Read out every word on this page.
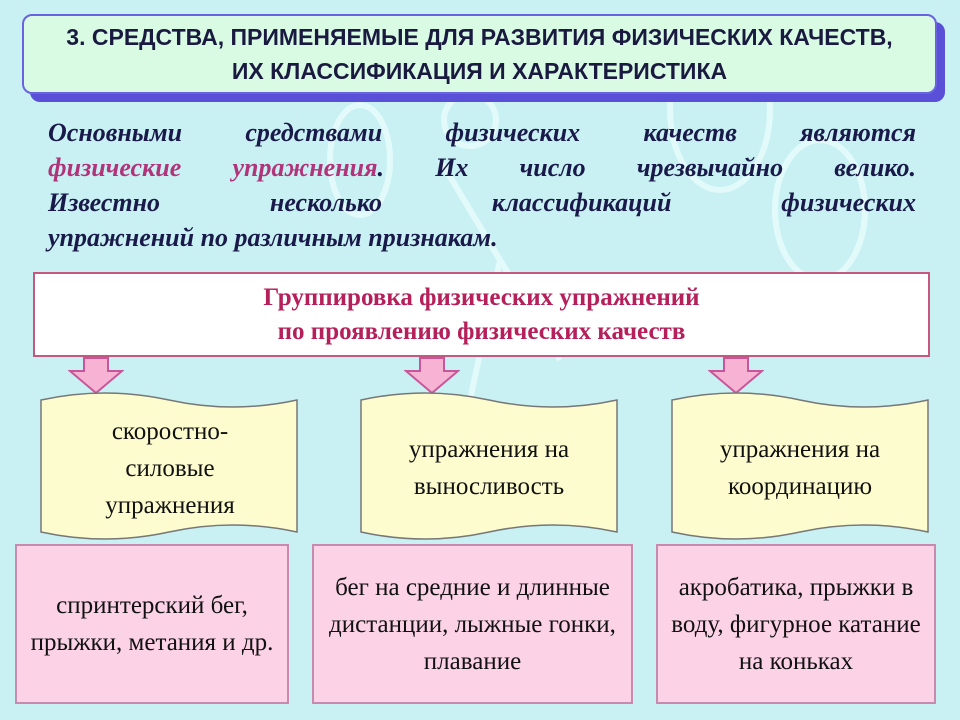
3. СРЕДСТВА, ПРИМЕНЯЕМЫЕ ДЛЯ РАЗВИТИЯ ФИЗИЧЕСКИХ КАЧЕСТВ, ИХ КЛАССИФИКАЦИЯ И ХАРАКТЕРИСТИКА
Основными средствами физических качеств являются
физические упражнения. Их число чрезвычайно велико.
Известно несколько классификаций физических
упражнений по различным признакам.
Группировка физических упражнений
по проявлению физических качеств
скоростно-силовые упражнения
упражнения на выносливость
упражнения на координацию
спринтерский бег, прыжки, метания и др.
бег на средние и длинные дистанции, лыжные гонки, плавание
акробатика, прыжки в воду, фигурное катание на коньках
